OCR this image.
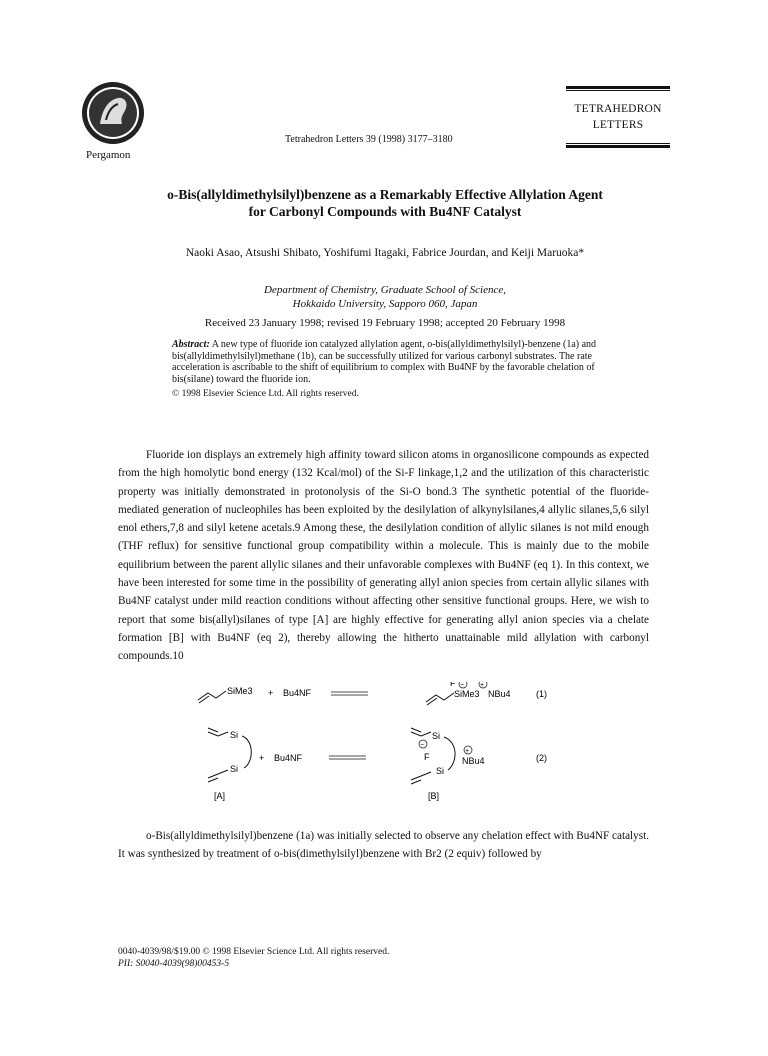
Pergamon
Tetrahedron Letters 39 (1998) 3177–3180
TETRAHEDRON
LETTERS
o-Bis(allyldimethylsilyl)benzene as a Remarkably Effective Allylation Agent
for Carbonyl Compounds with Bu4NF Catalyst
Naoki Asao, Atsushi Shibato, Yoshifumi Itagaki, Fabrice Jourdan, and Keiji Maruoka*
Department of Chemistry, Graduate School of Science,
Hokkaido University, Sapporo 060, Japan
Received 23 January 1998; revised 19 February 1998; accepted 20 February 1998
Abstract: A new type of fluoride ion catalyzed allylation agent, o-bis(allyldimethylsilyl)-benzene (1a) and bis(allyldimethylsilyl)methane (1b), can be successfully utilized for various carbonyl substrates. The rate acceleration is ascribable to the shift of equilibrium to complex with Bu4NF by the favorable chelation of bis(silane) toward the fluoride ion.
© 1998 Elsevier Science Ltd. All rights reserved.

Fluoride ion displays an extremely high affinity toward silicon atoms in organosilicone compounds as expected from the high homolytic bond energy (132 Kcal/mol) of the Si-F linkage,1,2 and the utilization of this characteristic property was initially demonstrated in protonolysis of the Si-O bond.3 The synthetic potential of the fluoride-mediated generation of nucleophiles has been exploited by the desilylation of alkynylsilanes,4 allylic silanes,5,6 silyl enol ethers,7,8 and silyl ketene acetals.9 Among these, the desilylation condition of allylic silanes is not mild enough (THF reflux) for sensitive functional group compatibility within a molecule. This is mainly due to the mobile equilibrium between the parent allylic silanes and their unfavorable complexes with Bu4NF (eq 1). In this context, we have been interested for some time in the possibility of generating allyl anion species from certain allylic silanes with Bu4NF catalyst under mild reaction conditions without affecting other sensitive functional groups. Here, we wish to report that some bis(allyl)silanes of type [A] are highly effective for generating allyl anion species via a chelate formation [B] with Bu4NF (eq 2), thereby allowing the hitherto unattainable mild allylation with carbonyl compounds.10

SiMe3 + Bu4NF
F − +
SiMe3 NBu4	(1)
Si
Si
+ Bu4NF
−
Si
F
Si
+
NBu4	(2)
[A]	[B]

o-Bis(allyldimethylsilyl)benzene (1a) was initially selected to observe any chelation effect with Bu4NF catalyst. It was synthesized by treatment of o-bis(dimethylsilyl)benzene with Br2 (2 equiv) followed by

0040-4039/98/$19.00 © 1998 Elsevier Science Ltd. All rights reserved.
PII: S0040-4039(98)00453-5
